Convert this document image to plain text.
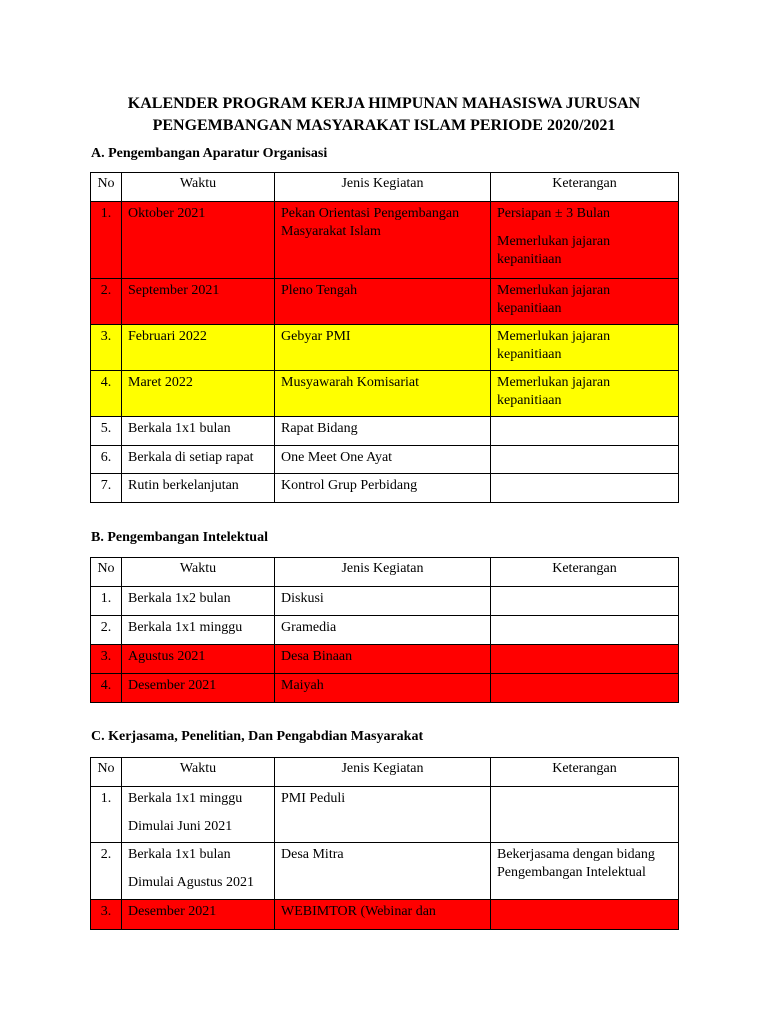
KALENDER PROGRAM KERJA HIMPUNAN MAHASISWA JURUSAN
PENGEMBANGAN MASYARAKAT ISLAM PERIODE 2020/2021
A. Pengembangan Aparatur Organisasi
No	Waktu	Jenis Kegiatan	Keterangan
1.	Oktober 2021	Pekan Orientasi Pengembangan Masyarakat Islam	Persiapan ± 3 Bulan
Memerlukan jajaran kepanitiaan

2.	September 2021	Pleno Tengah	Memerlukan jajaran kepanitiaan
3.	Februari 2022	Gebyar PMI	Memerlukan jajaran kepanitiaan
4.	Maret 2022	Musyawarah Komisariat	Memerlukan jajaran kepanitiaan
5.	Berkala 1x1 bulan	Rapat Bidang	
6.	Berkala di setiap rapat	One Meet One Ayat	
7.	Rutin berkelanjutan	Kontrol Grup Perbidang	
B. Pengembangan Intelektual
No	Waktu	Jenis Kegiatan	Keterangan
1.	Berkala 1x2 bulan	Diskusi	
2.	Berkala 1x1 minggu	Gramedia	
3.	Agustus 2021	Desa Binaan	
4.	Desember 2021	Maiyah	
C. Kerjasama, Penelitian, Dan Pengabdian Masyarakat
No	Waktu	Jenis Kegiatan	Keterangan
1.	Berkala 1x1 minggu
Dimulai Juni 2021	PMI Peduli	
2.	Berkala 1x1 bulan
Dimulai Agustus 2021	Desa Mitra	Bekerjasama dengan bidang Pengembangan Intelektual
3.	Desember 2021	WEBIMTOR (Webinar dan	
